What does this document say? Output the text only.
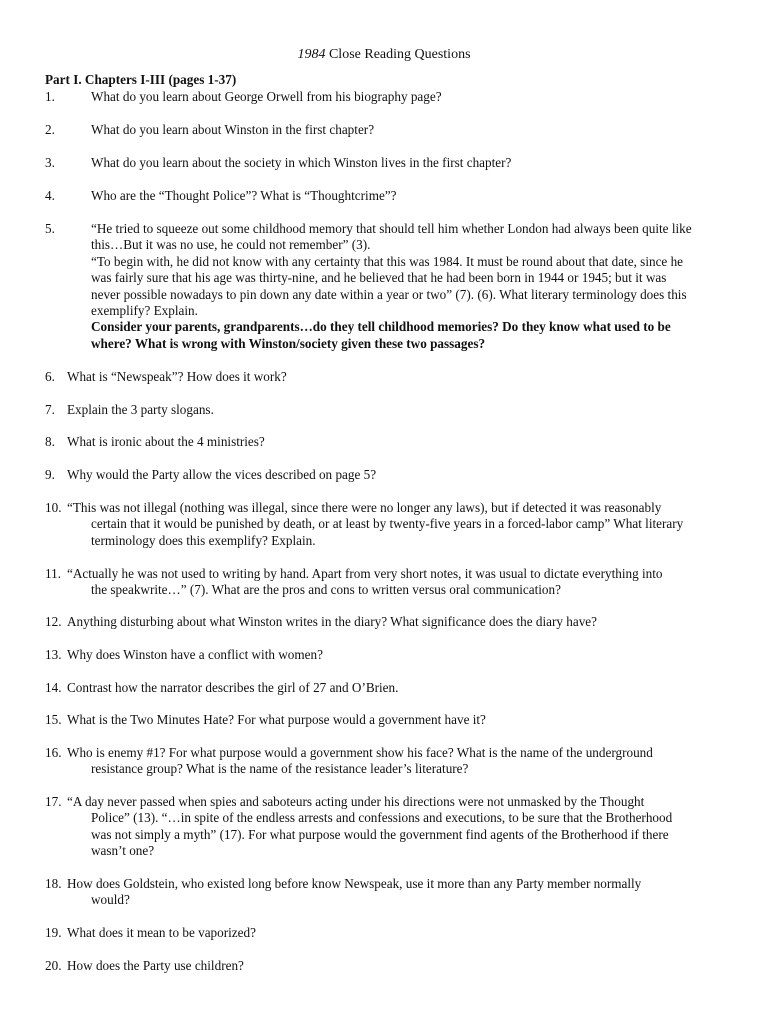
1984 Close Reading Questions
Part I. Chapters I-III (pages 1-37)
1.	What do you learn about George Orwell from his biography page?
2.	What do you learn about Winston in the first chapter?
3.	What do you learn about the society in which Winston lives in the first chapter?
4.	Who are the “Thought Police”? What is “Thoughtcrime”?
5.	“He tried to squeeze out some childhood memory that should tell him whether London had always been quite like
this…But it was no use, he could not remember” (3).
“To begin with, he did not know with any certainty that this was 1984. It must be round about that date, since he
was fairly sure that his age was thirty-nine, and he believed that he had been born in 1944 or 1945; but it was
never possible nowadays to pin down any date within a year or two” (7). (6). What literary terminology does this
exemplify? Explain.
Consider your parents, grandparents…do they tell childhood memories? Do they know what used to be
where? What is wrong with Winston/society given these two passages?
6. What is “Newspeak”? How does it work?
7. Explain the 3 party slogans.
8. What is ironic about the 4 ministries?
9. Why would the Party allow the vices described on page 5?
10. “This was not illegal (nothing was illegal, since there were no longer any laws), but if detected it was reasonably
certain that it would be punished by death, or at least by twenty-five years in a forced-labor camp” What literary
terminology does this exemplify? Explain.
11. “Actually he was not used to writing by hand. Apart from very short notes, it was usual to dictate everything into
the speakwrite…” (7). What are the pros and cons to written versus oral communication?
12. Anything disturbing about what Winston writes in the diary? What significance does the diary have?
13. Why does Winston have a conflict with women?
14. Contrast how the narrator describes the girl of 27 and O’Brien.
15. What is the Two Minutes Hate? For what purpose would a government have it?
16. Who is enemy #1? For what purpose would a government show his face? What is the name of the underground
resistance group? What is the name of the resistance leader’s literature?
17. “A day never passed when spies and saboteurs acting under his directions were not unmasked by the Thought
Police” (13). “…in spite of the endless arrests and confessions and executions, to be sure that the Brotherhood
was not simply a myth” (17). For what purpose would the government find agents of the Brotherhood if there
wasn’t one?
18. How does Goldstein, who existed long before know Newspeak, use it more than any Party member normally
would?
19. What does it mean to be vaporized?
20. How does the Party use children?
